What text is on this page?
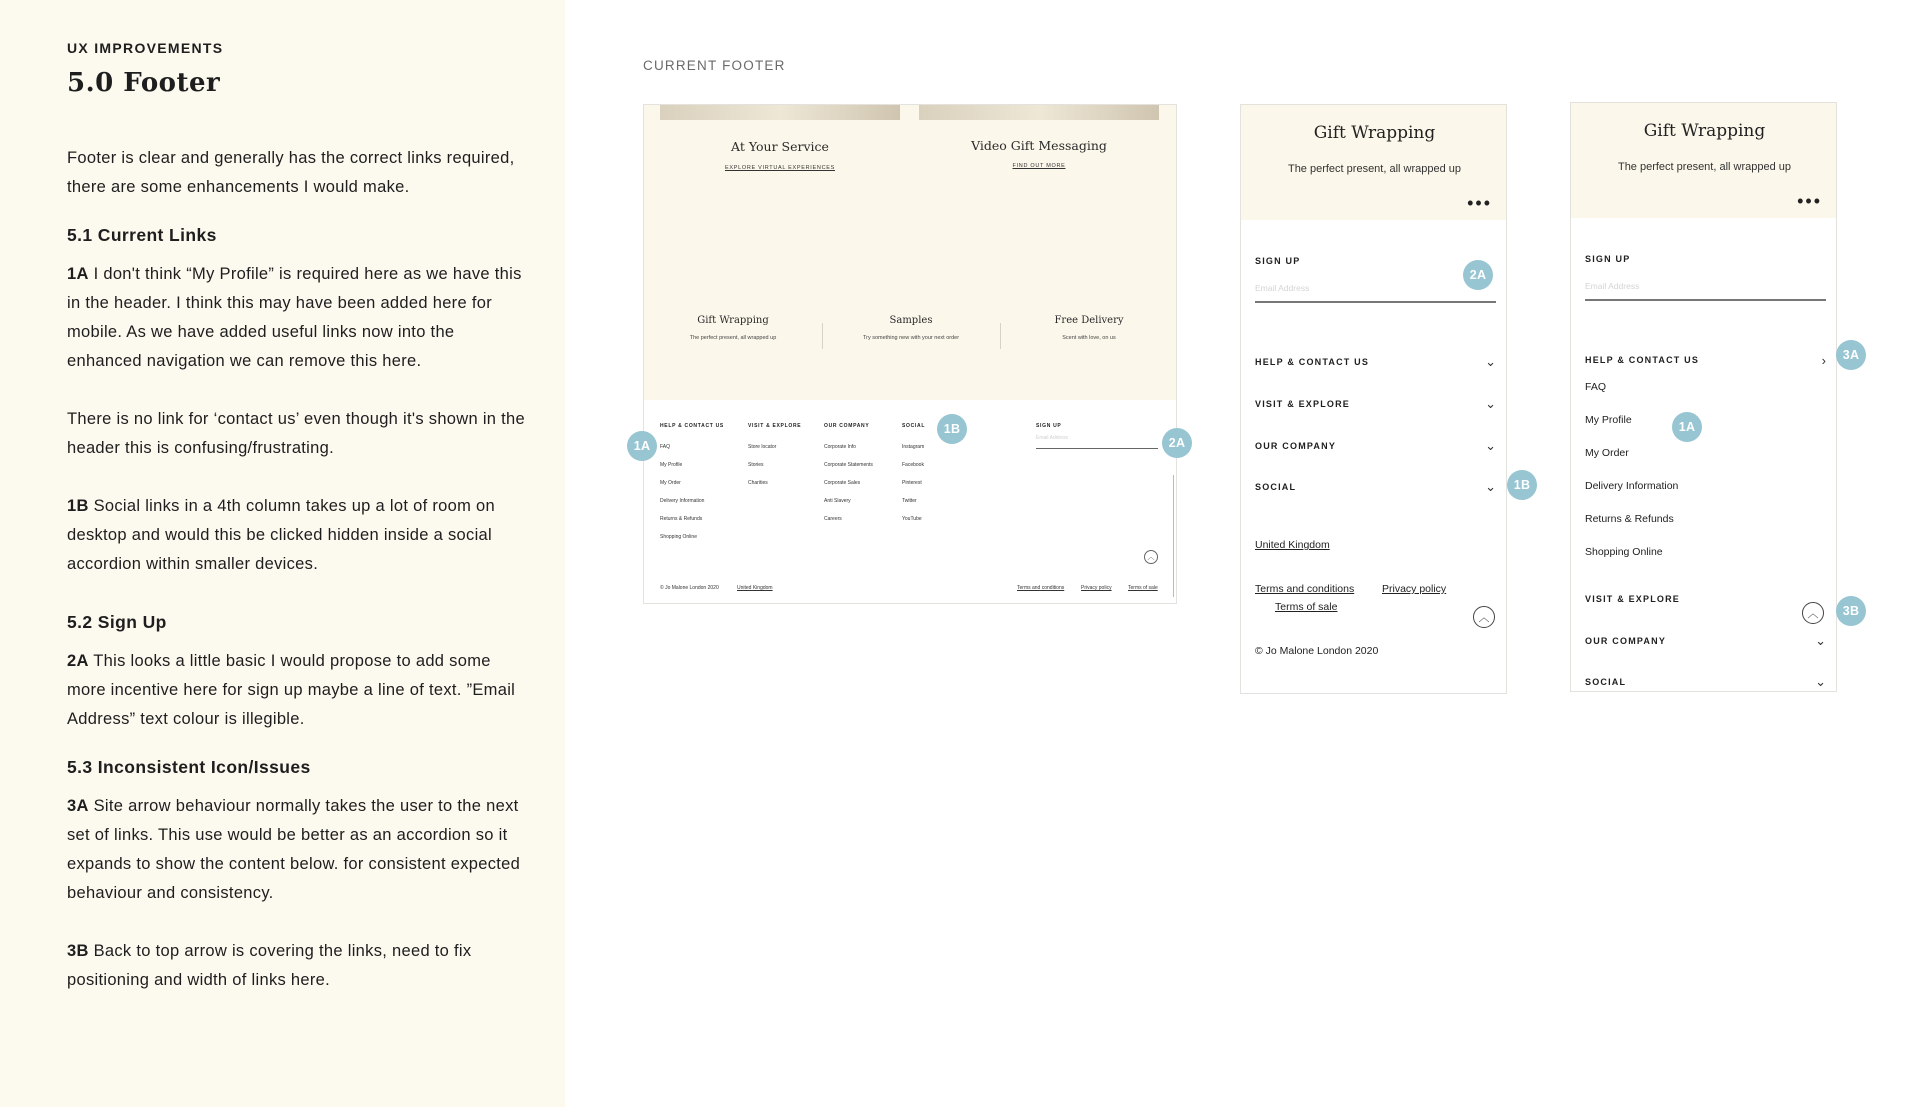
UX IMPROVEMENTS
5.0 Footer

Footer is clear and generally has the correct links required, there are some enhancements I would make.

5.1 Current Links

1A I don't think “My Profile” is required here as we have this in the header. I think this may have been added here for mobile. As we have added useful links now into the enhanced navigation we can remove this here.

There is no link for ‘contact us’ even though it's shown in the header this is confusing/frustrating.

1B Social links in a 4th column takes up a lot of room on desktop and would this be clicked hidden inside a social accordion within smaller devices.

5.2 Sign Up

2A This looks a little basic I would propose to add some more incentive here for sign up maybe a line of text. ”Email Address” text colour is illegible.

5.3 Inconsistent Icon/Issues

3A Site arrow behaviour normally takes the user to the next set of links. This use would be better as an accordion so it expands to show the content below. for consistent expected behaviour and consistency.

3B Back to top arrow is covering the links, need to fix positioning and width of links here.

CURRENT FOOTER
At Your Service
EXPLORE VIRTUAL EXPERIENCES
Video Gift Messaging
FIND OUT MORE
Gift Wrapping
The perfect present, all wrapped up
Samples
Try something new with your next order
Free Delivery
Scent with love, on us
HELP & CONTACT US
FAQ
My Profile
My Order
Delivery Information
Returns & Refunds
Shopping Online
VISIT & EXPLORE
Store locator
Stories
Charities
OUR COMPANY
Corporate Info
Corporate Statements
Corporate Sales
Anti Slavery
Careers
SOCIAL
Instagram
Facebook
Pinterest
Twitter
YouTube
SIGN UP
Email Address
︿
© Jo Malone London 2020	United Kingdom	Terms and conditions	Privacy policy	Terms of sale
Gift Wrapping
The perfect present, all wrapped up
•••
SIGN UP
Email Address
HELP & CONTACT US	⌄
VISIT & EXPLORE	⌄
OUR COMPANY	⌄
SOCIAL	⌄
United Kingdom
Terms and conditions	Privacy policy
Terms of sale
︿
© Jo Malone London 2020
Gift Wrapping
The perfect present, all wrapped up
•••
SIGN UP
Email Address
HELP & CONTACT US	›
FAQ
My Profile
My Order
Delivery Information
Returns & Refunds
Shopping Online
VISIT & EXPLORE
︿
OUR COMPANY	⌄
SOCIAL	⌄
1A
1B
2A
2A
1B
3A
1A
3B
